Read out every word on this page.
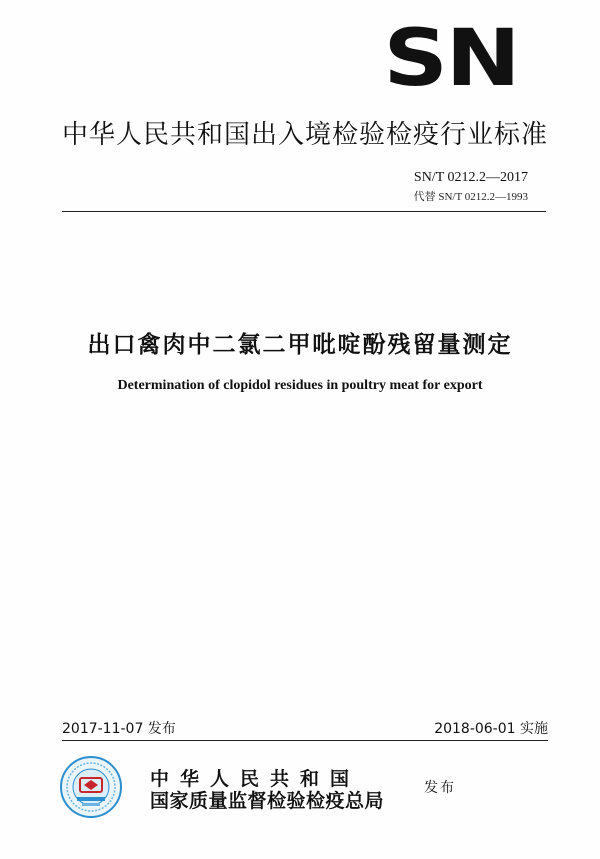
SN
中华人民共和国出入境检验检疫行业标准
SN/T 0212.2—2017
代替 SN/T 0212.2—1993
出口禽肉中二氯二甲吡啶酚残留量测定
Determination of clopidol residues in poultry meat for export
2017-11-07 发布	2018-06-01 实施
中华人民共和国
国家质量监督检验检疫总局
发布
